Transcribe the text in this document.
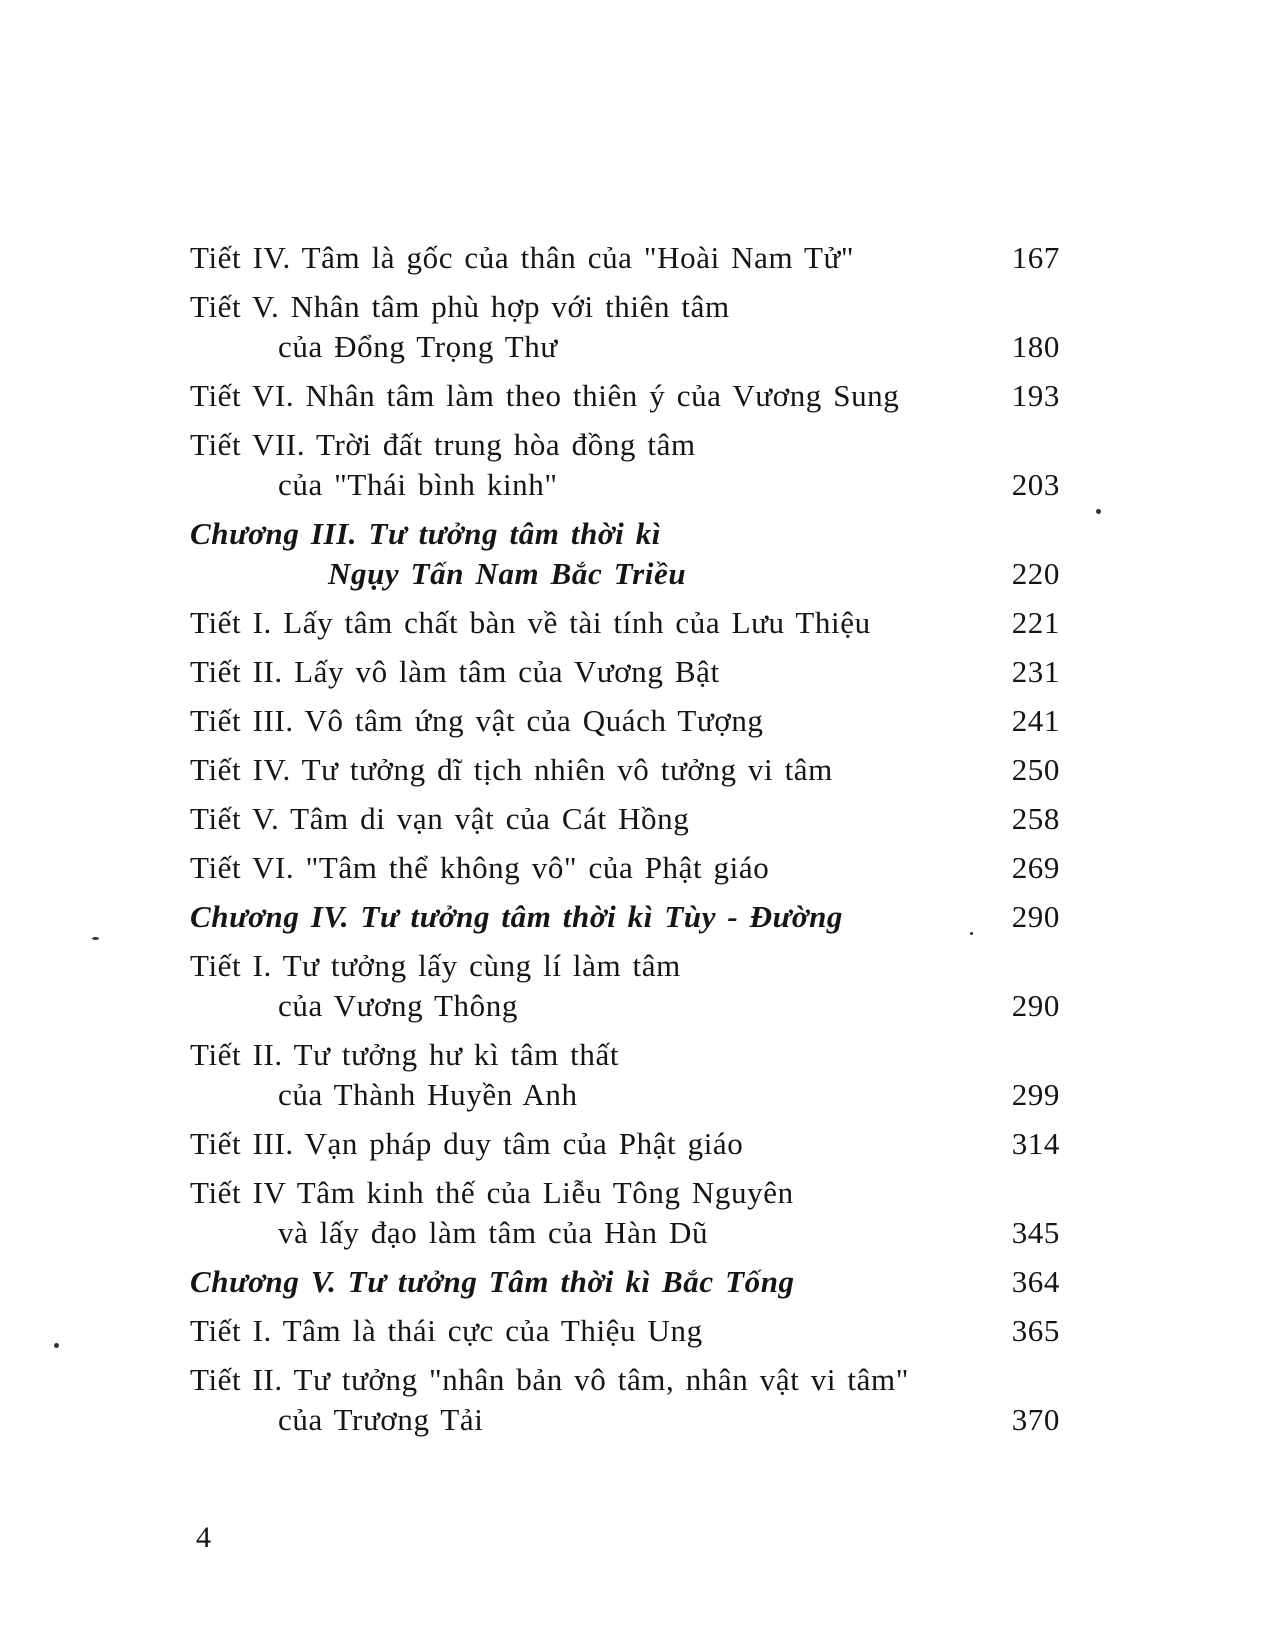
Tiết IV. Tâm là gốc của thân của "Hoài Nam Tử"	167
Tiết V. Nhân tâm phù hợp với thiên tâm
của Đổng Trọng Thư	180
Tiết VI. Nhân tâm làm theo thiên ý của Vương Sung	193
Tiết VII. Trời đất trung hòa đồng tâm
của "Thái bình kinh"	203
Chương III. Tư tưởng tâm thời kì
Ngụy Tấn Nam Bắc Triều	220
Tiết I. Lấy tâm chất bàn về tài tính của Lưu Thiệu	221
Tiết II. Lấy vô làm tâm của Vương Bật	231
Tiết III. Vô tâm ứng vật của Quách Tượng	241
Tiết IV. Tư tưởng dĩ tịch nhiên vô tưởng vi tâm	250
Tiết V. Tâm di vạn vật của Cát Hồng	258
Tiết VI. "Tâm thể không vô" của Phật giáo	269
Chương IV. Tư tưởng tâm thời kì Tùy - Đường	290
Tiết I. Tư tưởng lấy cùng lí làm tâm
của Vương Thông	290
Tiết II. Tư tưởng hư kì tâm thất
của Thành Huyền Anh	299
Tiết III. Vạn pháp duy tâm của Phật giáo	314
Tiết IV Tâm kinh thế của Liễu Tông Nguyên
và lấy đạo làm tâm của Hàn Dũ	345
Chương V. Tư tưởng Tâm thời kì Bắc Tống	364
Tiết I. Tâm là thái cực của Thiệu Ung	365
Tiết II. Tư tưởng "nhân bản vô tâm, nhân vật vi tâm"
của Trương Tải	370
4
